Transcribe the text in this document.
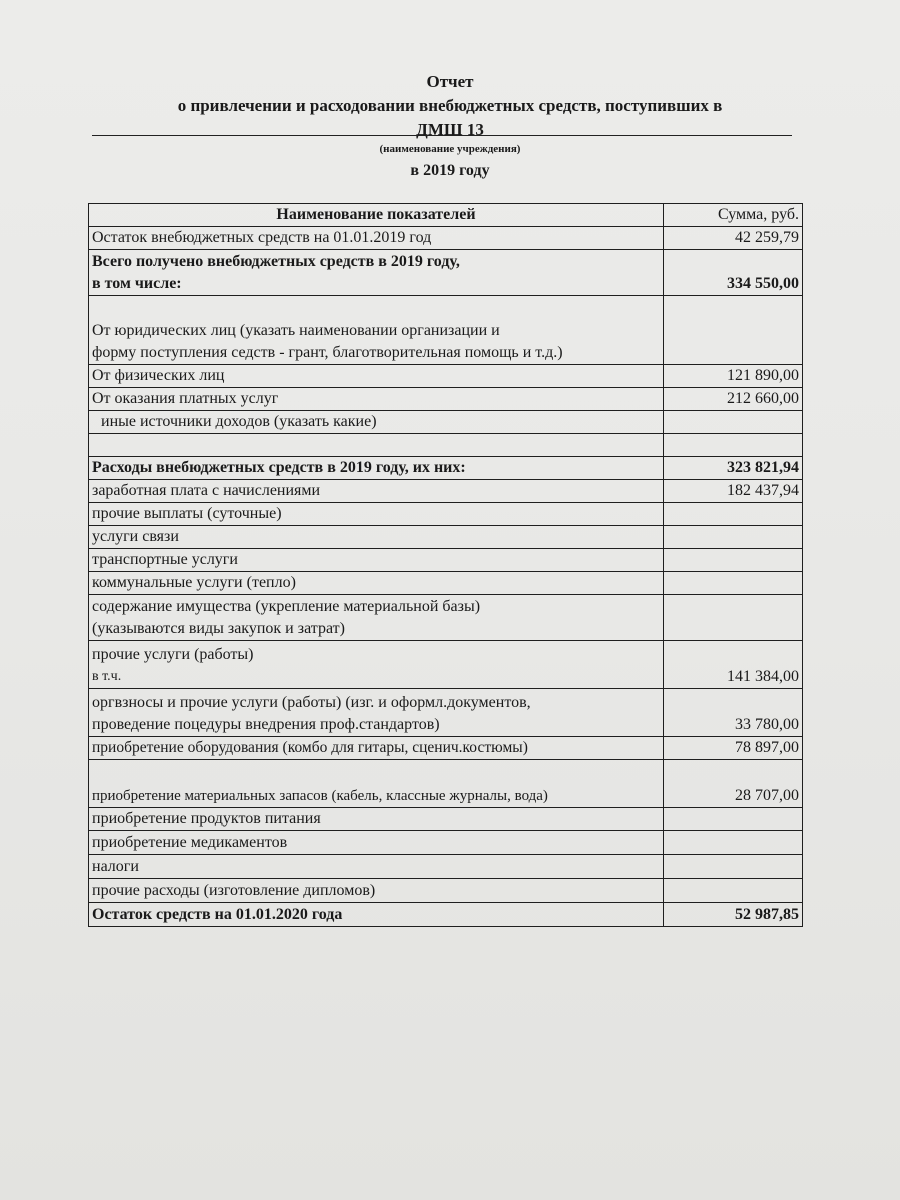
Отчет
о привлечении и расходовании внебюджетных средств, поступивших в
ДМШ 13
(наименование учреждения)
в 2019 году
Наименование показателей	Сумма, руб.
Остаток внебюджетных средств на 01.01.2019 год	42 259,79

Всего получено внебюджетных средств в 2019 году,
в том числе:	334 550,00

От юридических лиц (указать наименовании организации и
форму поступления седств - грант, благотворительная помощь и т.д.)	

От физических лиц	121 890,00
От оказания платных услуг	212 660,00
иные источники доходов (указать какие)	

Расходы внебюджетных средств в 2019 году, их них:	323 821,94
заработная плата с начислениями	182 437,94
прочие выплаты (суточные)	
услуги связи	
транспортные услуги	
коммунальные услуги (тепло)	

содержание имущества (укрепление материальной базы)
(указываются виды закупок и затрат)	

прочие услуги (работы)
в т.ч.	141 384,00

оргвзносы и прочие услуги (работы) (изг. и оформл.документов,
проведение поцедуры внедрения проф.стандартов)	33 780,00
приобретение оборудования (комбо для гитары, сценич.костюмы)	78 897,00
приобретение материальных запасов (кабель, классные журналы, вода)	28 707,00
приобретение продуктов питания	
приобретение медикаментов	
налоги	
прочие расходы (изготовление дипломов)	
Остаток средств на 01.01.2020 года	52 987,85
